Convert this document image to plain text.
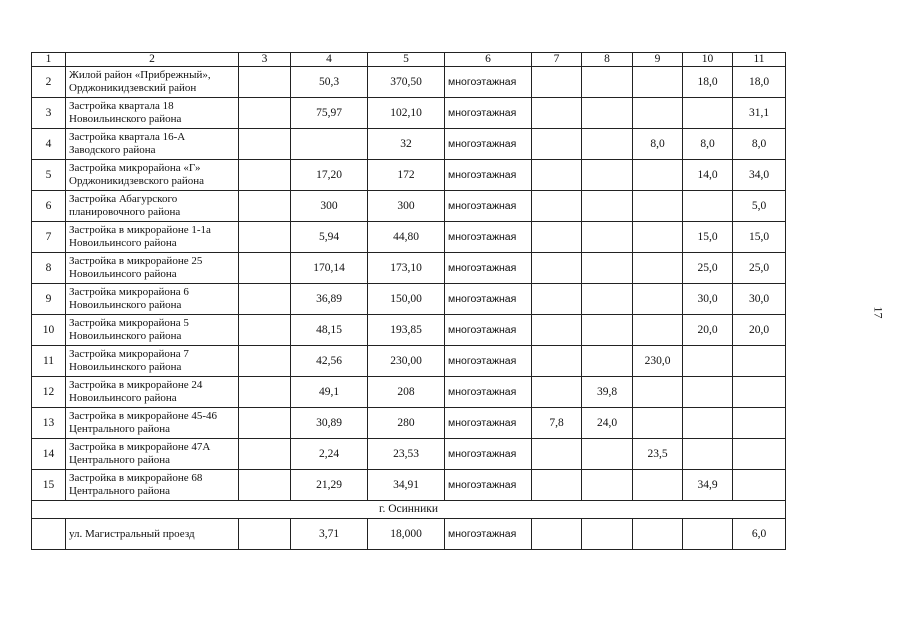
1	2	3	4	5	6	7	8	9	10	11
2	Жилой район «Прибрежный», Орджоникидзевский район		50,3	370,50	многоэтажная				18,0	18,0
3	Застройка квартала 18 Новоильинского района		75,97	102,10	многоэтажная					31,1
4	Застройка квартала 16-А Заводского района			32	многоэтажная			8,0	8,0	8,0
5	Застройка микрорайона «Г» Орджоникидзевского района		17,20	172	многоэтажная				14,0	34,0
6	Застройка Абагурского планировочного района		300	300	многоэтажная					5,0
7	Застройка в микрорайоне 1-1а Новоильинсого района		5,94	44,80	многоэтажная				15,0	15,0
8	Застройка в микрорайоне 25 Новоильинсого района		170,14	173,10	многоэтажная				25,0	25,0
9	Застройка микрорайона 6 Новоильинского района		36,89	150,00	многоэтажная				30,0	30,0
10	Застройка микрорайона 5 Новоильинского района		48,15	193,85	многоэтажная				20,0	20,0
11	Застройка микрорайона 7 Новоильинского района		42,56	230,00	многоэтажная			230,0		
12	Застройка в микрорайоне 24 Новоильинсого района		49,1	208	многоэтажная		39,8			
13	Застройка в микрорайоне 45-46 Центрального района		30,89	280	многоэтажная	7,8	24,0			
14	Застройка в микрорайоне 47А Центрального района		2,24	23,53	многоэтажная			23,5		
15	Застройка в микрорайоне 68 Центрального района		21,29	34,91	многоэтажная				34,9	
г. Осинники										
	ул. Магистральный проезд		3,71	18,000	многоэтажная					6,0
17
